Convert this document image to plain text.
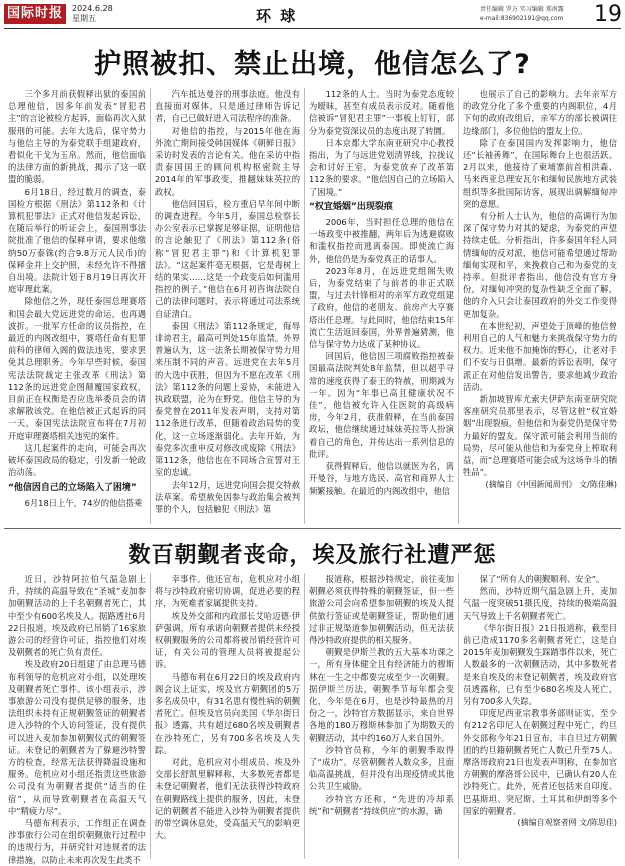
国际时报	2024.6.28
星期五	环 球	责任编辑 罗方 实习编辑 郑南露
e-mail:836902191@qq.com 19
护照被扣、禁止出境，他信怎么了?

三个多月前获假释出狱的泰国前总理他信，因多年前发表“冒犯君主”的言论被检方起诉，面临再次入狱服刑的可能。去年大选后，保守势力与他信主导的为泰党联手组建政府，看似化干戈为玉帛。然而，他信面临的法律方面的新挑战，揭示了这一联盟的脆弱。

6月18日，经过数月的调查，泰国检方根据《刑法》第112条和《计算机犯罪法》正式对他信发起诉讼，在随后举行的听证会上，泰国刑事法院批准了他信的保释申请，要求他缴纳50万泰铢(约合9.8万元人民币)的保释金并上交护照，未经允许不得擅自出境。法院计划于8月19日再次开庭审理此案。

除他信之外，现任泰国总理赛塔和国会最大党远进党的命运，也再遇波折。一批军方任命的议员指控，在最近的内阁改组中，赛塔任命有犯罪前科的律师入阁的做法违宪，要求罢免其总理职务。今年早些时候，泰国宪法法院裁定主张改革《刑法》第112条的远进党企图颠覆国家政权，目前正在权衡是否应选举委员会的请求解散该党。在他信被正式起诉的同一天，泰国宪法法院宣布将在7月初开庭审理赛塔相关违宪的案件。

这几起案件的走向，可能会再次破坏泰国政局的稳定，引发新一轮政治动荡。

“他信因自己的立场陷入了困境”

6月18日上午，74岁的他信搭乘

汽车抵达曼谷的刑事法庭。他没有直接面对媒体，只是通过律师告诉记者，自己已做好进入司法程序的准备。

对他信的指控，与2015年他在海外流亡期间接受韩国媒体《朝鲜日报》采访时发表的言论有关。他在采访中指责泰国国王的顾问机构枢密院主导2014年的军事政变，推翻妹妹英拉的政权。

他信回国后，检方重启早年间中断的调查进程。今年5月，泰国总检察长办公室表示已掌握足够证据，证明他信的言论触犯了《刑法》第112条(俗称“冒犯君主罪”)和《计算机犯罪法》。“这起案件毫无根据，它是毒树上结的果实……这是一个政变后如何滥用指控的例子。”他信在6月初咨询法院自己的法律问题时，表示将通过司法系统自证清白。

泰国《刑法》第112条规定，侮辱诽谤君主，最高可判处15年监禁。外界普遍认为，这一法条长期被保守势力用来压制不同的声音。远进党在去年5月的大选中获胜，但因为不愿在改革《刑法》第112条的问题上妥协，未能进入执政联盟，沦为在野党。他信主导的为泰党曾在2011年发表声明，支持对第112条进行改革，但随着政治局势的变化，这一立场逐渐弱化。去年开始，为泰党多次重申反对修改或废除《刑法》第112条，他信也在不同场合宣誓对王室的忠诚。

去年12月，远进党向国会提交特赦法草案。希望赦免因参与政治集会被判罪的个人，包括触犯《刑法》第

112条的人士。当时为泰党态度较为暧昧，甚至有成员表示反对。随着他信被诉“冒犯君主罪”一事板上钉钉，部分为泰党资深议员的态度出现了转圜。

日本京都大学东南亚研究中心教授指出，为了与远进党划清界线，拉拢议会和讨好王室，为泰党放弃了改革第112条的要求。“他信因自己的立场陷入了困境。”

“权宜婚姻”出现裂痕

2006年，当时担任总理的他信在一场政变中被推翻，两年后为逃避腐败和滥权指控而逃离泰国。即使流亡海外，他信仍是为泰党真正的话事人。

2023年8月，在远进党组阁失败后，为泰党结束了与前者的非正式联盟，与过去针锋相对的亲军方政党组建了政府，他信的老朋友、前房产大亨赛塔出任总理。与此同时，他信结束15年流亡生活返回泰国，外界普遍猜测，他信与保守势力达成了某种协议。

回国后，他信因三项腐败指控被泰国最高法院判处8年监禁，但以超乎寻常的速度获得了泰王的特赦，刑期减为一年。因为“年事已高且健康状况不佳”，他信被允许入住医院的高级病房，今年2月，获准假释，在当前泰国政坛，他信继续通过妹妹英拉等人扮演着自己的角色，并传达出一系列信息的批评。

获得假释后，他信以就医为名，离开曼谷，与地方选民、高官和商界人士频繁接触。在最近的内阁改组中，他信

也展示了自己的影响力。去年亲军方的政党分化了多个重要的内阁职位，4月下旬的政府改组后，亲军方的部长被调往边缘部门，多位他信的盟友上位。

除了在泰国国内发挥影响力，他信还“长袖善舞”，在国际舞台上也很活跃。2月以来，他接待了柬埔寨前首相洪森、马来西亚总理安瓦尔和缅甸民族地方武装组织等多批国际访客，展现出调解缅甸冲突的意愿。

有分析人士认为，他信的高调行为加深了保守势力对其的疑虑，为泰党的声望持续走低。分析指出，许多泰国年轻人同情缅甸的反对派，他信可能希望通过帮助缅甸实现和平，来挽救自己和为泰党的支持率。但批评者指出，他信没有官方身份，对缅甸冲突的复杂性缺乏全面了解，他的介入只会让泰国政府的外交工作变得更加复杂。

在本世纪初，声望处于顶峰的他信曾利用自己的人气和魅力来挑战保守势力的权力。近来他不加掩饰的野心，让老对手们不安与日俱增。最新的诉讼表明，保守派正在对他信发出警告，要求他减少政治活动。

新加坡智库尤索夫伊萨东南亚研究院客座研究员那里表示，尽管这桩“权宜婚姻”出现裂痕，但他信和为泰党仍是保守势力最好的盟友。保守派可能会利用当前的局势，尽可能从他信和为泰党身上榨取利益，而“总理赛塔可能会成为这场争斗的牺牲品”。

(摘编自《中国新闻周刊》 文/陈佳琳)

数百朝觐者丧命，埃及旅行社遭严惩

近日，沙特阿拉伯气温急剧上升，持续的高温导致在“圣城”麦加参加朝觐活动的上千名朝觐者死亡，其中至少有600名埃及人。据路透社6月22日报道，埃及政府已吊销了16家旅游公司的经营许可证，指控他们对埃及朝觐者的死亡负有责任。

埃及政府20日组建了由总理马德布利领导的危机应对小组，以处理埃及朝觐者死亡事件。该小组表示，涉事旅游公司没有提供足够的服务，违法组织未持有正规朝觐签证的朝觐者进入沙特的个人访问签证，没有提供可以进入麦加参加朝觐仪式的朝觐签证。未登记的朝觐者为了躲避沙特警方的检查，经常无法获得降温设施和服务。危机应对小组还指责这些旅游公司没有为朝觐者提供“适当的住宿”，从而导致朝觐者在高温天气中“精疲力尽”。

马德布利表示，工作组正在调查涉事旅行公司在组织朝觐旅行过程中的违规行为，并研究针对违规者的法律措施，以防止未来再次发生此类不

幸事件。他还宣布，危机应对小组将与沙特政府密切协调，促进必要的程序，为死难者家属提供支持。

埃及外交部和内政部长艾哈迈德·伊萨强调，所有承诺向朝觐者提供未经授权朝觐服务的公司都将被吊销经营许可证，有关公司的管理人员将被提起公诉。

马德布利在6月22日的埃及政府内阁会议上证实，埃及官方朝觐团的5万多名成员中，有31名患有慢性病的朝觐者死亡。但埃及官员向美国《华尔街日报》透露，共有超过680名埃及朝觐者在沙特死亡，另有700多名埃及人失踪。

对此，危机应对小组成员、埃及外交部长舒凯里解释称，大多数死者都是未登记朝觐者，他们无法获得沙特政府在朝觐路线上提供的服务，因此，未登记的朝觐者不能进入沙特为朝觐者提供的带空调休息处，受高温天气的影响更大。

报道称，根据沙特规定，前往麦加朝觐必须获得特殊的朝觐签证，但一些旅游公司会向希望参加朝觐的埃及人提供旅行签证或是朝觐签证，帮助他们通过非正规渠道参加朝觐活动，但无法获得沙特政府提供的相关服务。

朝觐是伊斯兰教的五大基本功课之一，所有身体健全且有经济能力的穆斯林在一生之中都要完成至少一次朝觐。据伊斯兰历法，朝觐季节每年都会变化，今年是在6月，也是沙特最热的月份之一，沙特官方数据显示，来自世界各地的180万穆斯林参加了为期数天的朝觐活动，其中约160万人来自国外。

沙特官员称，今年的朝觐季取得了“成功”。尽管朝觐者人数众多，且面临高温挑战，但并没有出现疫情或其他公共卫生威胁。

沙特官方还称，“先进的冷却系统”和“朝觐者”持续供应”的水源，确

保了“所有人的朝觐顺利、安全”。

然而，沙特近期气温急剧上升，麦加气温一度突破51摄氏度，持续的极端高温天气导致上千名朝觐者死亡。

《华尔街日报》21日报道称，截至目前已造成1170多名朝觐者死亡，这是自2015年麦加朝觐发生踩踏事件以来，死亡人数最多的一次朝觐活动，其中多数死者是来自埃及的未登记朝觐者，埃及政府官员透露称，已有至少680名埃及人死亡，另有700多人失踪。

印度尼西亚宗教事务部则证实，至少有212名印尼人在朝觐过程中死亡，约旦外交部称今年21日宣布，丰自旦过方朝觐团的约旦籍朝觐者死亡人数已升至75人。摩洛哥政府21日也发表声明称，在参加官方朝觐的摩洛哥公民中，已确认有20人在沙特死亡。此外，死者还包括来自印度、巴基斯坦、突尼斯、土耳其和伊朗等多个国家的朝觐者。

(摘编自观察者网 文/陈思佳)
